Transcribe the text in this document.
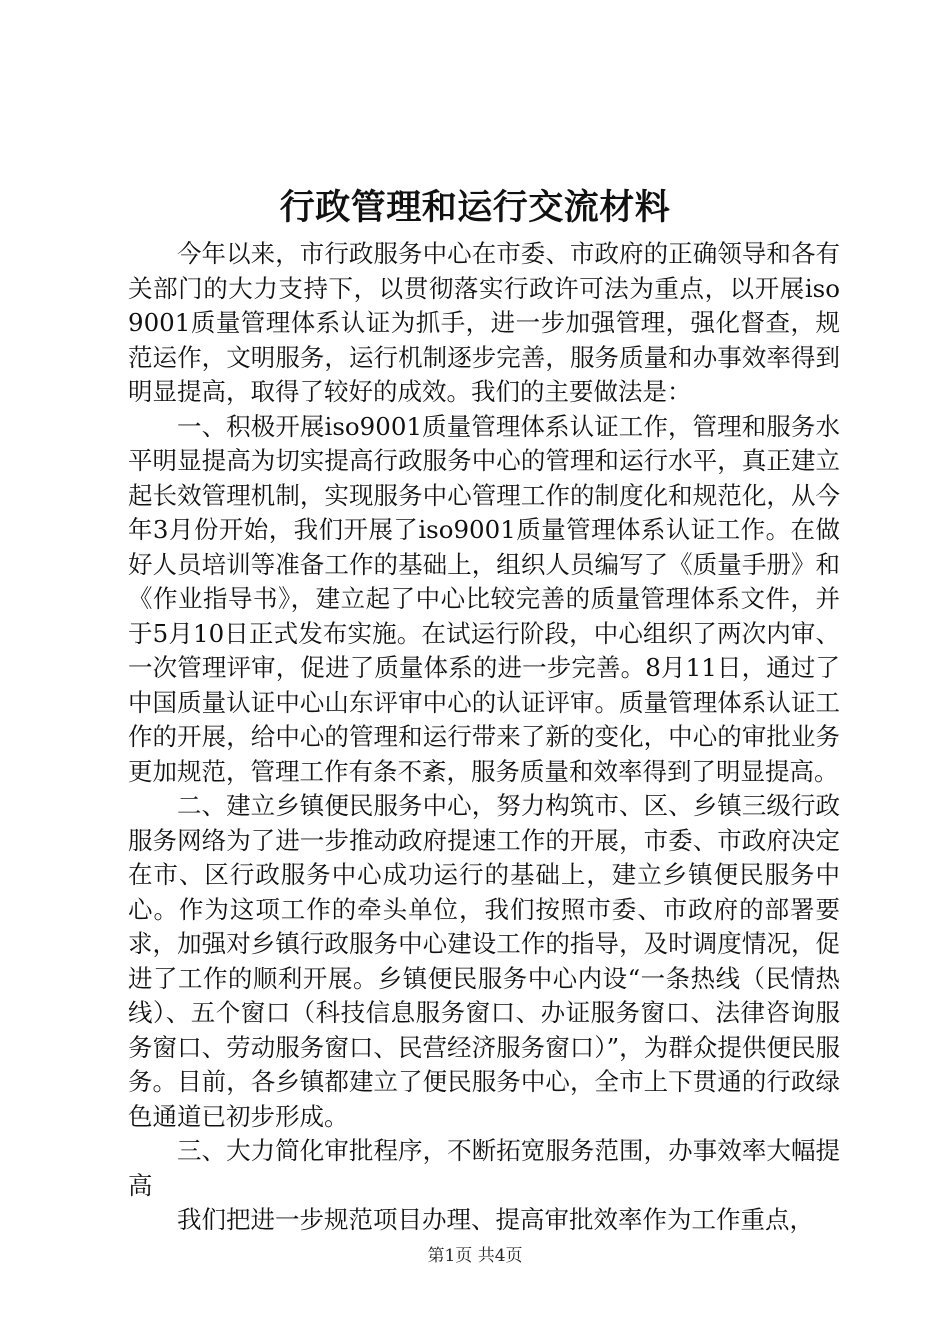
行政管理和运行交流材料

今年以来，市行政服务中心在市委、市政府的正确领导和各有关部门的大力支持下，以贯彻落实行政许可法为重点，以开展iso9001质量管理体系认证为抓手，进一步加强管理，强化督查，规范运作，文明服务，运行机制逐步完善，服务质量和办事效率得到明显提高，取得了较好的成效。我们的主要做法是：

一、积极开展iso9001质量管理体系认证工作，管理和服务水平明显提高为切实提高行政服务中心的管理和运行水平，真正建立起长效管理机制，实现服务中心管理工作的制度化和规范化，从今年3月份开始，我们开展了iso9001质量管理体系认证工作。在做好人员培训等准备工作的基础上，组织人员编写了《质量手册》和《作业指导书》，建立起了中心比较完善的质量管理体系文件，并于5月10日正式发布实施。在试运行阶段，中心组织了两次内审、一次管理评审，促进了质量体系的进一步完善。8月11日，通过了中国质量认证中心山东评审中心的认证评审。质量管理体系认证工作的开展，给中心的管理和运行带来了新的变化，中心的审批业务更加规范，管理工作有条不紊，服务质量和效率得到了明显提高。

二、建立乡镇便民服务中心，努力构筑市、区、乡镇三级行政服务网络为了进一步推动政府提速工作的开展，市委、市政府决定在市、区行政服务中心成功运行的基础上，建立乡镇便民服务中心。作为这项工作的牵头单位，我们按照市委、市政府的部署要求，加强对乡镇行政服务中心建设工作的指导，及时调度情况，促进了工作的顺利开展。乡镇便民服务中心内设“一条热线（民情热线）、五个窗口（科技信息服务窗口、办证服务窗口、法律咨询服务窗口、劳动服务窗口、民营经济服务窗口）”，为群众提供便民服务。目前，各乡镇都建立了便民服务中心，全市上下贯通的行政绿色通道已初步形成。

三、大力简化审批程序，不断拓宽服务范围，办事效率大幅提高

我们把进一步规范项目办理、提高审批效率作为工作重点，

第1页 共4页
